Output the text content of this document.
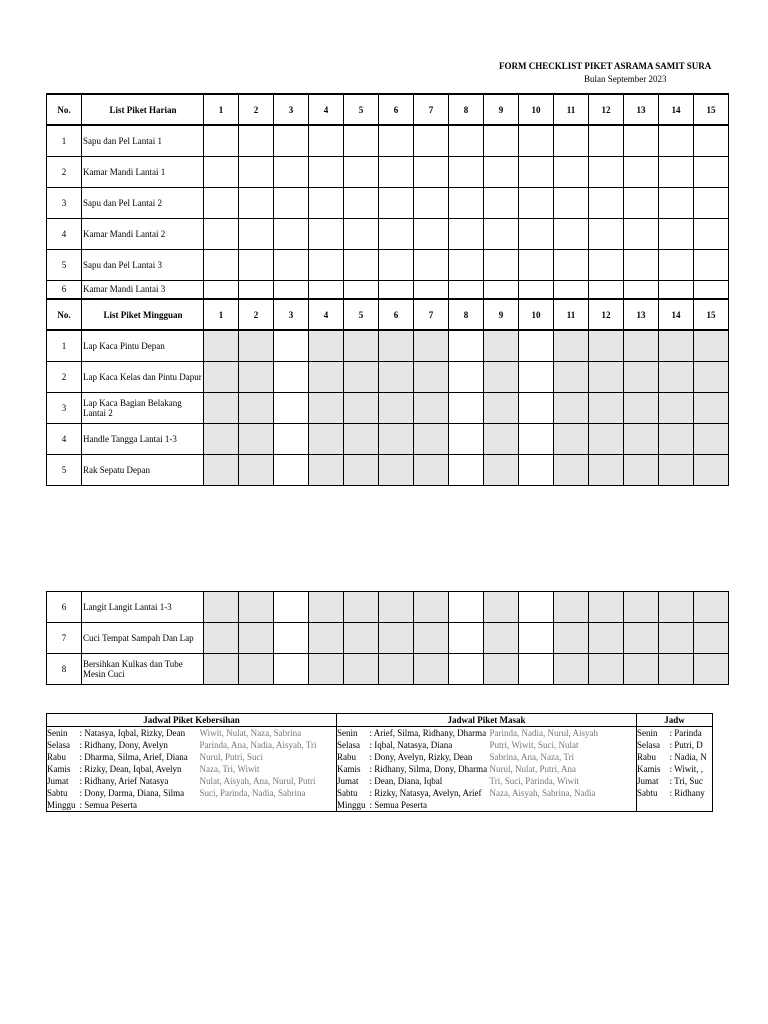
FORM CHECKLIST PIKET ASRAMA SAMIT SURA
Bulan September 2023
No.	List Piket Harian	1	2	3	4	5	6	7	8	9	10	11	12	13	14	15
1	Sapu dan Pel Lantai 1															
2	Kamar Mandi Lantai 1															
3	Sapu dan Pel Lantai 2															
4	Kamar Mandi Lantai 2															
5	Sapu dan Pel Lantai 3															
6	Kamar Mandi Lantai 3															
No.	List Piket Mingguan	1	2	3	4	5	6	7	8	9	10	11	12	13	14	15
1	Lap Kaca Pintu Depan															
2	Lap Kaca Kelas dan Pintu Dapur															
3	Lap Kaca Bagian Belakang Lantai 2															
4	Handle Tangga Lantai 1-3															
5	Rak Sepatu Depan															
6	Langit Langit Lantai 1-3															
7	Cuci Tempat Sampah Dan Lap															
8	Bersihkan Kulkas dan Tube Mesin Cuci															
Jadwal Piket Kebersihan			Jadwal Piket Masak			Jadw	
Senin	: Natasya, Iqbal, Rizky, Dean	Wiwit, Nulat, Naza, Sabrina	Senin	: Arief, Silma, Ridhany, Dharma	Parinda, Nadia, Nurul, Aisyah	Senin	: Parinda
Selasa	: Ridhany, Dony, Avelyn	Parinda, Ana, Nadia, Aisyah, Tri	Selasa	: Iqbal, Natasya, Diana	Putri, Wiwit, Suci, Nulat	Selasa	: Putri, D
Rabu	: Dharma, Silma, Arief, Diana	Nurul, Putri, Suci	Rabu	: Dony, Avelyn, Rizky, Dean	Sabrina, Ana, Naza, Tri	Rabu	: Nadia, N
Kamis	: Rizky, Dean, Iqbal, Avelyn	Naza, Tri, Wiwit	Kamis	: Ridhany, Silma, Dony, Dharma	Nurul, Nulat, Putri, Ana	Kamis	: Wiwit, ,
Jumat	: Ridhany, Arief Natasya	Nulat, Aisyah, Ana, Nurul, Putri	Jumat	: Dean, Diana, Iqbal	Tri, Suci, Parinda, Wiwit	Jumat	: Tri, Suc
Sabtu	: Dony, Darma, Diana, Silma	Suci, Parinda, Nadia, Sabrina	Sabtu	: Rizky, Natasya, Avelyn, Arief	Naza, Aisyah, Sabrina, Nadia	Sabtu	: Ridhany
Minggu	: Semua Peserta		Minggu	: Semua Peserta			
